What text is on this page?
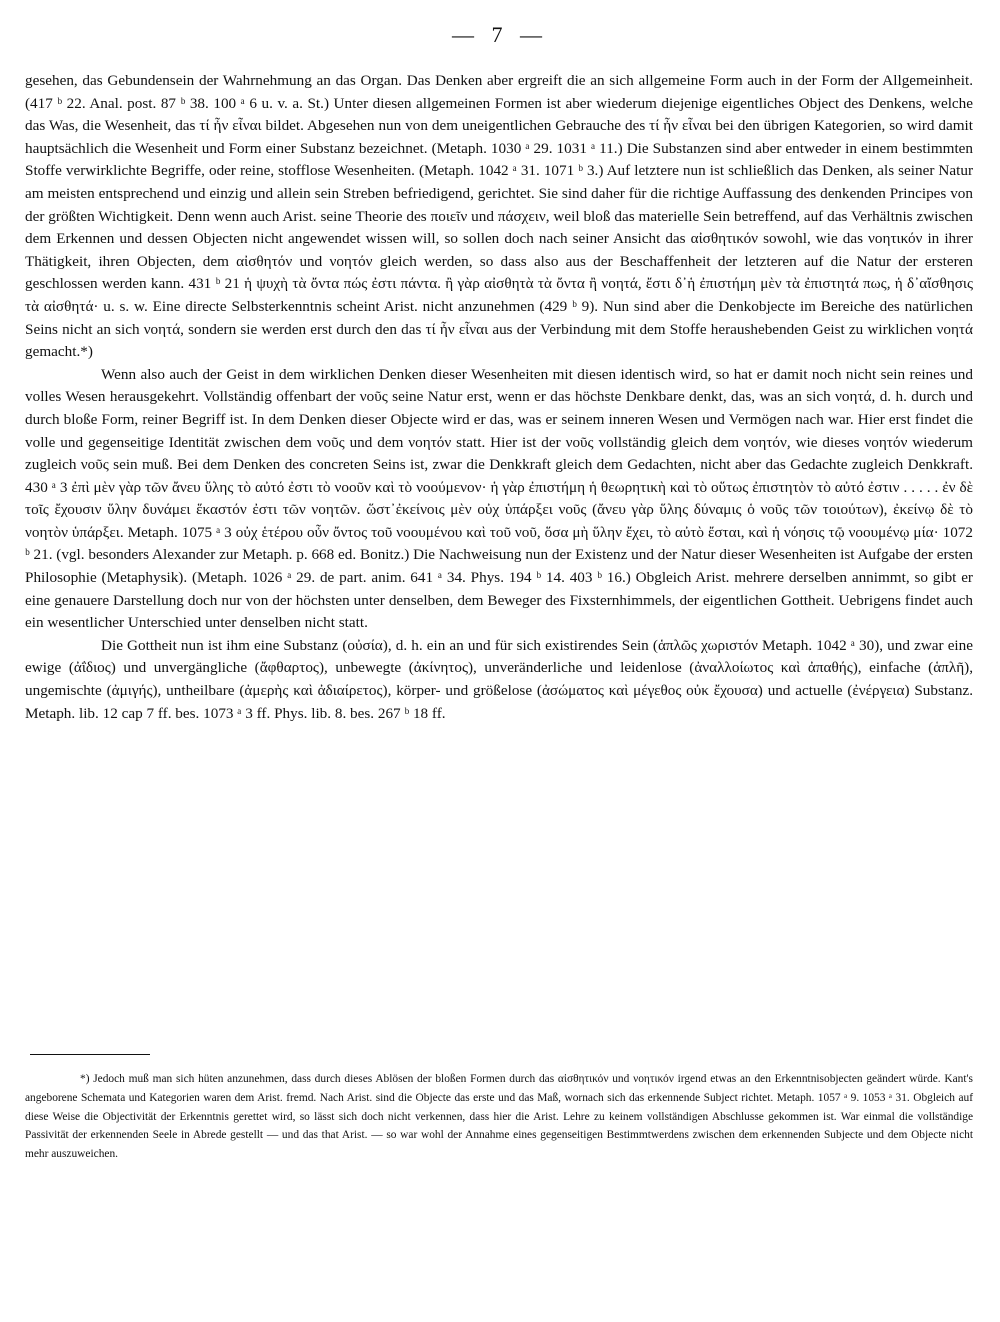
— 7 —

gesehen, das Gebundensein der Wahrnehmung an das Organ. Das Denken aber ergreift die an sich allgemeine Form auch in der Form der Allgemeinheit. (417 ᵇ 22. Anal. post. 87 ᵇ 38. 100 ᵃ 6 u. v. a. St.) Unter diesen allgemeinen Formen ist aber wiederum diejenige eigentliches Object des Denkens, welche das Was, die Wesenheit, das τί ἦν εἶναι bildet. Abgesehen nun von dem uneigentlichen Gebrauche des τί ἦν εἶναι bei den übrigen Kategorien, so wird damit hauptsächlich die Wesenheit und Form einer Substanz bezeichnet. (Metaph. 1030 ᵃ 29. 1031 ᵃ 11.) Die Substanzen sind aber entweder in einem bestimmten Stoffe verwirklichte Begriffe, oder reine, stofflose Wesenheiten. (Metaph. 1042 ᵃ 31. 1071 ᵇ 3.) Auf letztere nun ist schließlich das Denken, als seiner Natur am meisten entsprechend und einzig und allein sein Streben befriedigend, gerichtet. Sie sind daher für die richtige Auffassung des denkenden Principes von der größten Wichtigkeit. Denn wenn auch Arist. seine Theorie des ποιεῖν und πάσχειν, weil bloß das materielle Sein betreffend, auf das Verhältnis zwischen dem Erkennen und dessen Objecten nicht angewendet wissen will, so sollen doch nach seiner Ansicht das αἰσθητικόν sowohl, wie das νοητικόν in ihrer Thätigkeit, ihren Objecten, dem αἰσθητόν und νοητόν gleich werden, so dass also aus der Beschaffenheit der letzteren auf die Natur der ersteren geschlossen werden kann. 431 ᵇ 21 ἡ ψυχὴ τὰ ὄντα πώς ἐστι πάντα. ἢ γὰρ αἰσθητὰ τὰ ὄντα ἢ νοητά, ἔστι δ᾽ἡ ἐπιστήμη μὲν τὰ ἐπιστητά πως, ἡ δ᾽αἴσθησις τὰ αἰσθητά· u. s. w. Eine directe Selbsterkenntnis scheint Arist. nicht anzunehmen (429 ᵇ 9). Nun sind aber die Denkobjecte im Bereiche des natürlichen Seins nicht an sich νοητά, sondern sie werden erst durch den das τί ἦν εἶναι aus der Verbindung mit dem Stoffe heraushebenden Geist zu wirklichen νοητά gemacht.*)

Wenn also auch der Geist in dem wirklichen Denken dieser Wesenheiten mit diesen identisch wird, so hat er damit noch nicht sein reines und volles Wesen herausgekehrt. Vollständig offenbart der νοῦς seine Natur erst, wenn er das höchste Denkbare denkt, das, was an sich νοητά, d. h. durch und durch bloße Form, reiner Begriff ist. In dem Denken dieser Objecte wird er das, was er seinem inneren Wesen und Vermögen nach war. Hier erst findet die volle und gegenseitige Identität zwischen dem νοῦς und dem νοητόν statt. Hier ist der νοῦς vollständig gleich dem νοητόν, wie dieses νοητόν wiederum zugleich νοῦς sein muß. Bei dem Denken des concreten Seins ist, zwar die Denkkraft gleich dem Gedachten, nicht aber das Gedachte zugleich Denkkraft. 430 ᵃ 3 ἐπὶ μὲν γὰρ τῶν ἄνευ ὕλης τὸ αὐτό ἐστι τὸ νοοῦν καὶ τὸ νοούμενον· ἡ γὰρ ἐπιστήμη ἡ θεωρητικὴ καὶ τὸ οὕτως ἐπιστητὸν τὸ αὐτό ἐστιν . . . . . ἐν δὲ τοῖς ἔχουσιν ὕλην δυνάμει ἕκαστόν ἐστι τῶν νοητῶν. ὥστ᾽ἐκείνοις μὲν οὐχ ὑπάρξει νοῦς (ἄνευ γὰρ ὕλης δύναμις ὁ νοῦς τῶν τοιούτων), ἐκείνῳ δὲ τὸ νοητὸν ὑπάρξει. Metaph. 1075 ᵃ 3 οὐχ ἑτέρου οὖν ὄντος τοῦ νοουμένου καὶ τοῦ νοῦ, ὅσα μὴ ὕλην ἔχει, τὸ αὐτὸ ἔσται, καὶ ἡ νόησις τῷ νοουμένῳ μία· 1072 ᵇ 21. (vgl. besonders Alexander zur Metaph. p. 668 ed. Bonitz.) Die Nachweisung nun der Existenz und der Natur dieser Wesenheiten ist Aufgabe der ersten Philosophie (Metaphysik). (Metaph. 1026 ᵃ 29. de part. anim. 641 ᵃ 34. Phys. 194 ᵇ 14. 403 ᵇ 16.) Obgleich Arist. mehrere derselben annimmt, so gibt er eine genauere Darstellung doch nur von der höchsten unter denselben, dem Beweger des Fixsternhimmels, der eigentlichen Gottheit. Uebrigens findet auch ein wesentlicher Unterschied unter denselben nicht statt.

Die Gottheit nun ist ihm eine Substanz (οὐσία), d. h. ein an und für sich existirendes Sein (ἁπλῶς χωριστόν Metaph. 1042 ᵃ 30), und zwar eine ewige (ἀΐδιος) und unvergängliche (ἄφθαρτος), unbewegte (ἀκίνητος), unveränderliche und leidenlose (ἀναλλοίωτος καὶ ἀπαθής), einfache (ἁπλῆ), ungemischte (ἀμιγής), untheilbare (ἀμερὴς καὶ ἀδιαίρετος), körper- und größelose (ἀσώματος καὶ μέγεθος οὐκ ἔχουσα) und actuelle (ἐνέργεια) Substanz. Metaph. lib. 12 cap 7 ff. bes. 1073 ᵃ 3 ff. Phys. lib. 8. bes. 267 ᵇ 18 ff.

*) Jedoch muß man sich hüten anzunehmen, dass durch dieses Ablösen der bloßen Formen durch das αἰσθητικόν und νοητικόν irgend etwas an den Erkenntnisobjecten geändert würde. Kant's angeborene Schemata und Kategorien waren dem Arist. fremd. Nach Arist. sind die Objecte das erste und das Maß, wornach sich das erkennende Subject richtet. Metaph. 1057 ᵃ 9. 1053 ᵃ 31. Obgleich auf diese Weise die Objectivität der Erkenntnis gerettet wird, so lässt sich doch nicht verkennen, dass hier die Arist. Lehre zu keinem vollständigen Abschlusse gekommen ist. War einmal die vollständige Passivität der erkennenden Seele in Abrede gestellt — und das that Arist. — so war wohl der Annahme eines gegenseitigen Bestimmtwerdens zwischen dem erkennenden Subjecte und dem Objecte nicht mehr auszuweichen.
